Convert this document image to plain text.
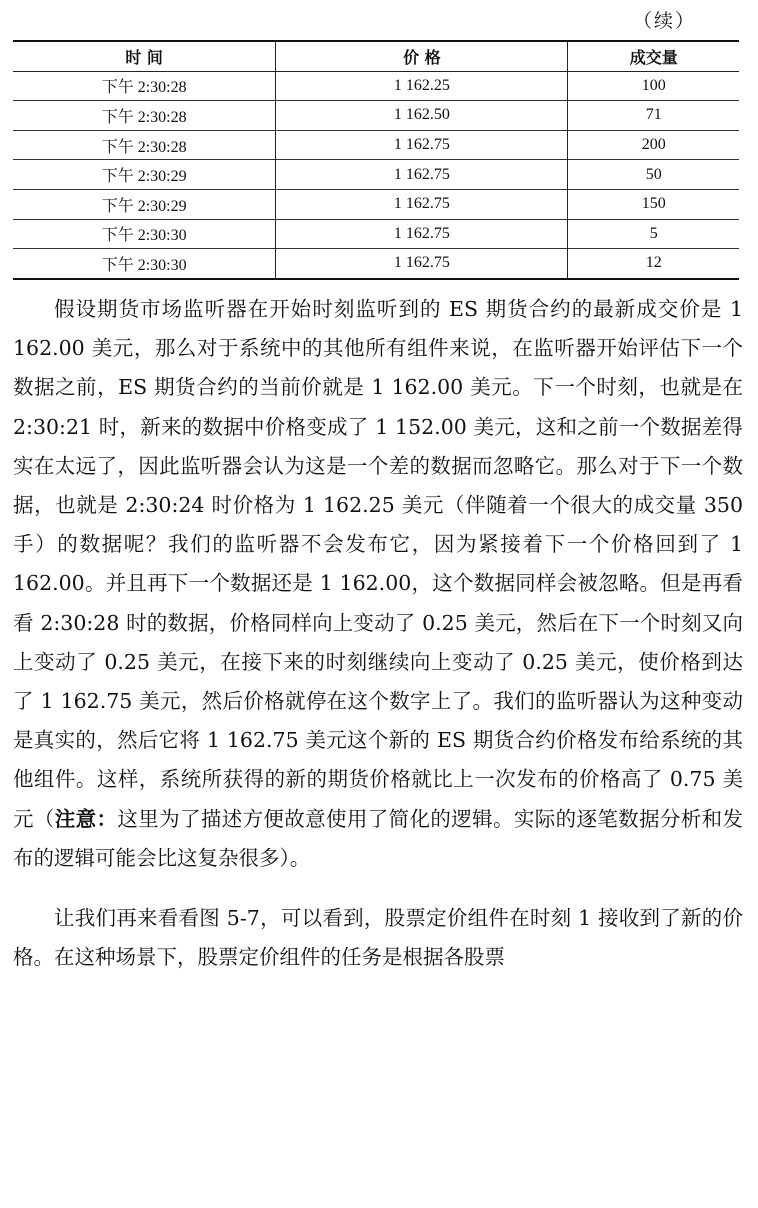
（续）
时 间	价 格	成交量
下午 2:30:28	1 162.25	100
下午 2:30:28	1 162.50	71
下午 2:30:28	1 162.75	200
下午 2:30:29	1 162.75	50
下午 2:30:29	1 162.75	150
下午 2:30:30	1 162.75	5
下午 2:30:30	1 162.75	12

假设期货市场监听器在开始时刻监听到的 ES 期货合约的最新成交价是 1 162.00 美元，那么对于系统中的其他所有组件来说，在监听器开始评估下一个数据之前，ES 期货合约的当前价就是 1 162.00 美元。下一个时刻，也就是在 2:30:21 时，新来的数据中价格变成了 1 152.00 美元，这和之前一个数据差得实在太远了，因此监听器会认为这是一个差的数据而忽略它。那么对于下一个数据，也就是 2:30:24 时价格为 1 162.25 美元（伴随着一个很大的成交量 350 手）的数据呢？我们的监听器不会发布它，因为紧接着下一个价格回到了 1 162.00。并且再下一个数据还是 1 162.00，这个数据同样会被忽略。但是再看看 2:30:28 时的数据，价格同样向上变动了 0.25 美元，然后在下一个时刻又向上变动了 0.25 美元，在接下来的时刻继续向上变动了 0.25 美元，使价格到达了 1 162.75 美元，然后价格就停在这个数字上了。我们的监听器认为这种变动是真实的，然后它将 1 162.75 美元这个新的 ES 期货合约价格发布给系统的其他组件。这样，系统所获得的新的期货价格就比上一次发布的价格高了 0.75 美元（注意：这里为了描述方便故意使用了简化的逻辑。实际的逐笔数据分析和发布的逻辑可能会比这复杂很多）。

让我们再来看看图 5-7，可以看到，股票定价组件在时刻 1 接收到了新的价格。在这种场景下，股票定价组件的任务是根据各股票
